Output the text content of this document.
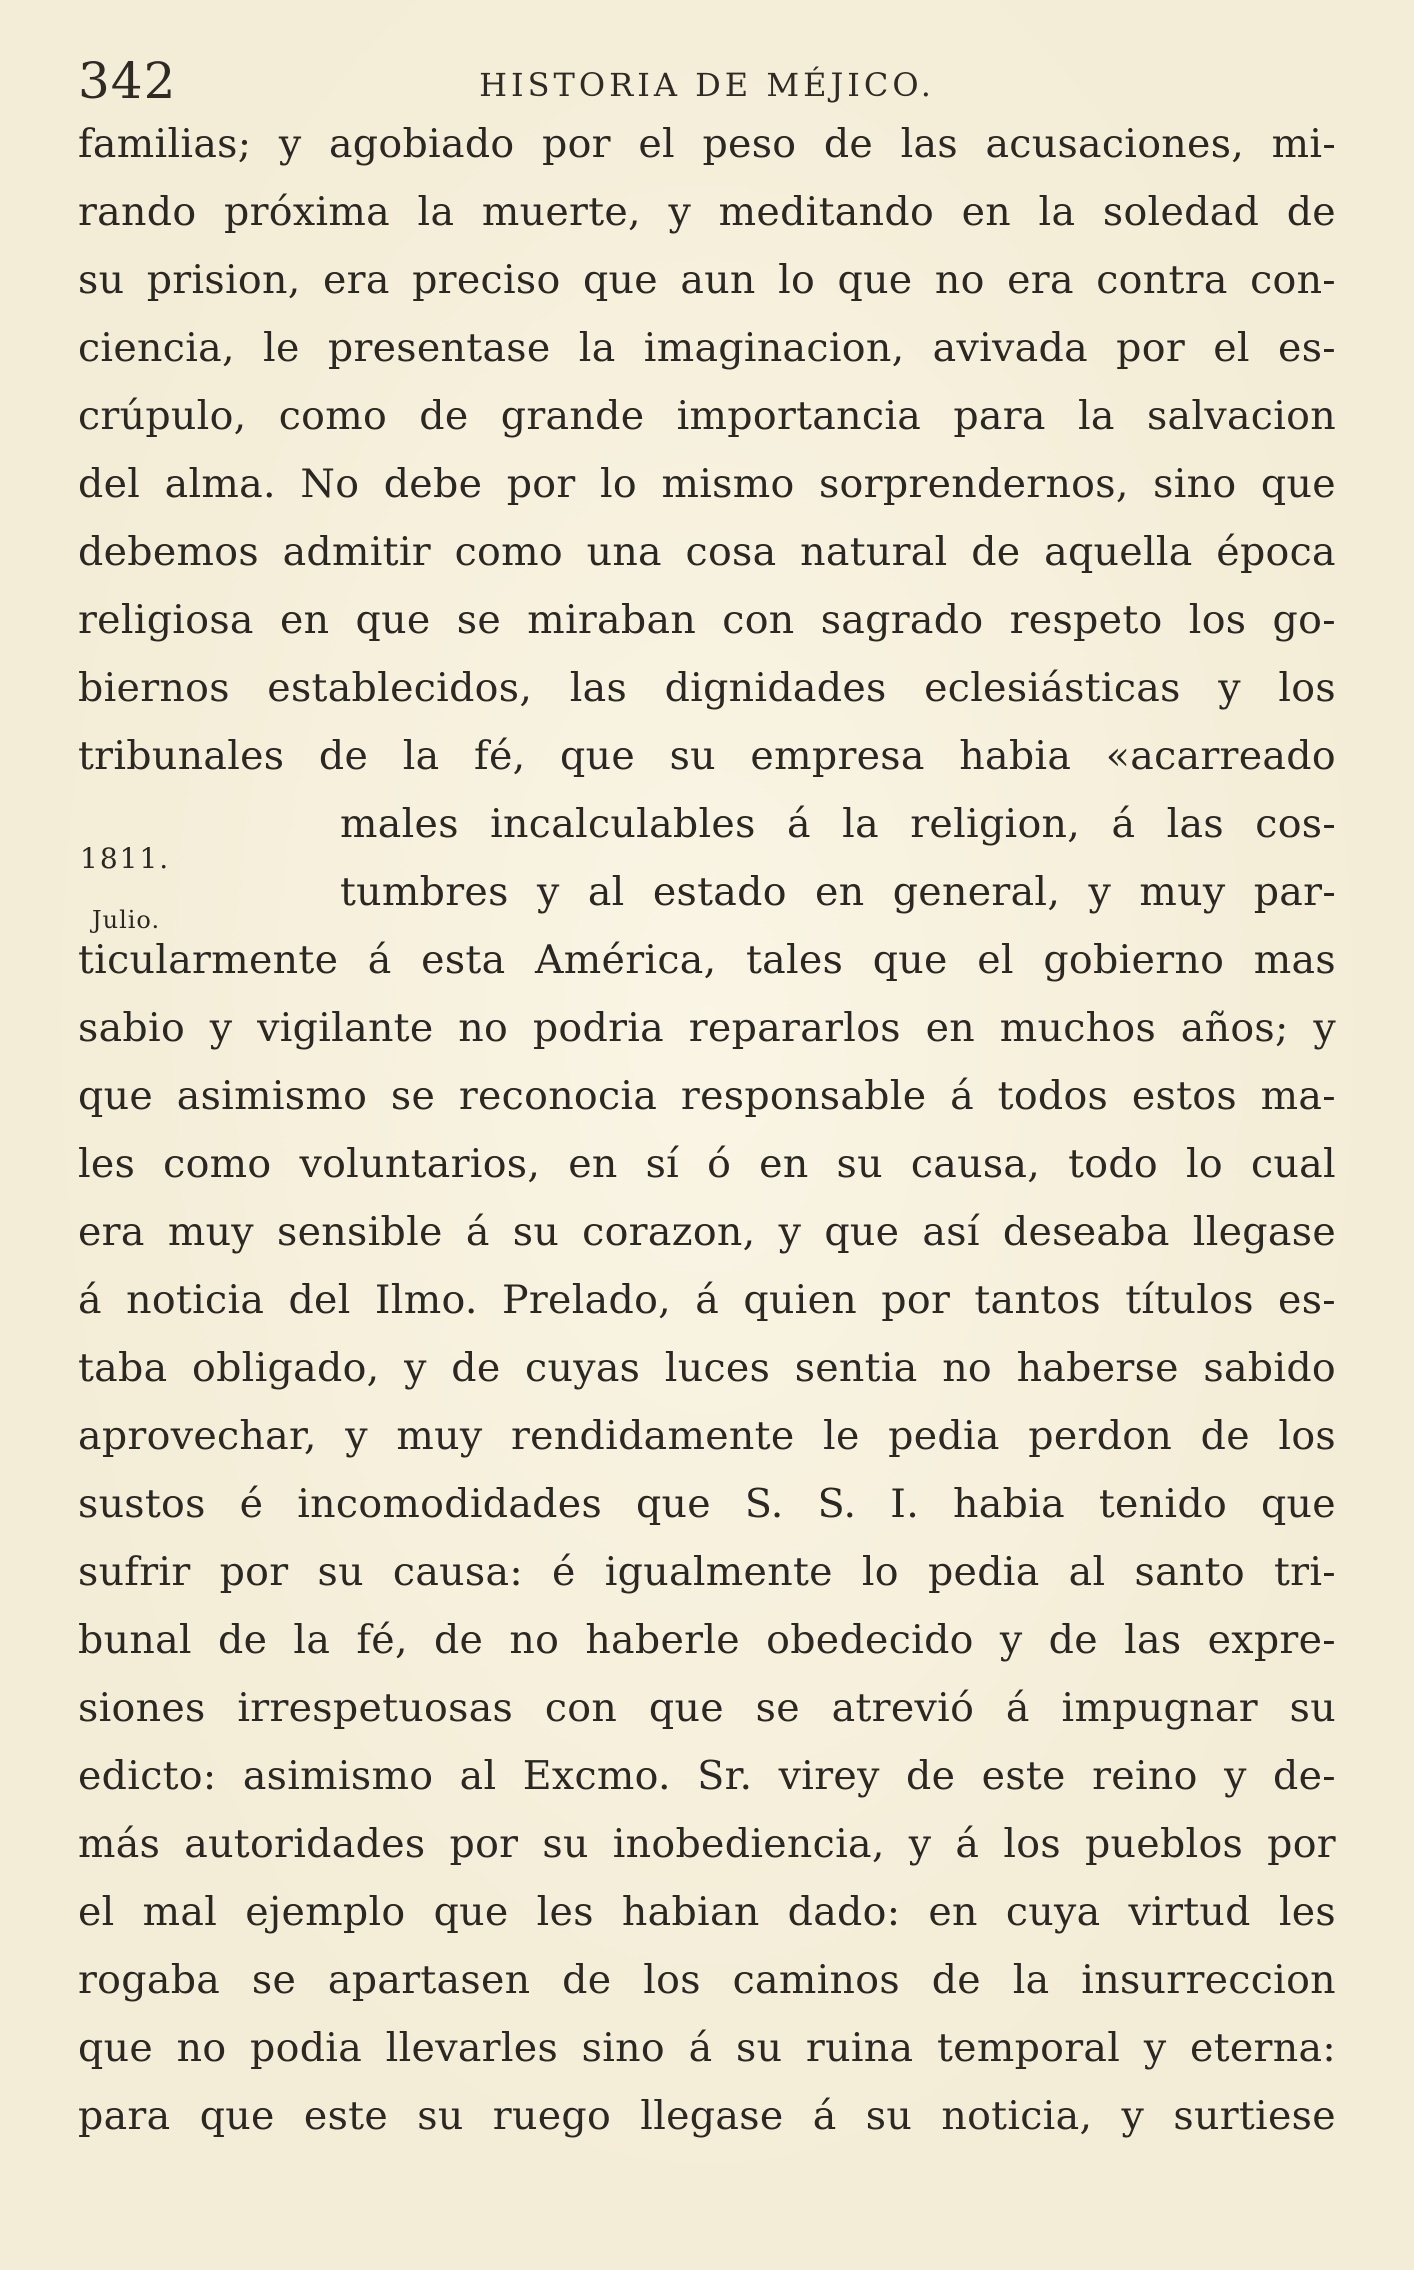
342	HISTORIA DE MÉJICO.
1811.
Julio.
familias; y agobiado por el peso de las acusaciones, mi-
rando próxima la muerte, y meditando en la soledad de
su prision, era preciso que aun lo que no era contra con-
ciencia, le presentase la imaginacion, avivada por el es-
crúpulo, como de grande importancia para la salvacion
del alma. No debe por lo mismo sorprendernos, sino que
debemos admitir como una cosa natural de aquella época
religiosa en que se miraban con sagrado respeto los go-
biernos establecidos, las dignidades eclesiásticas y los
tribunales de la fé, que su empresa habia «acarreado
males incalculables á la religion, á las cos-
tumbres y al estado en general, y muy par-
ticularmente á esta América, tales que el gobierno mas
sabio y vigilante no podria repararlos en muchos años; y
que asimismo se reconocia responsable á todos estos ma-
les como voluntarios, en sí ó en su causa, todo lo cual
era muy sensible á su corazon, y que así deseaba llegase
á noticia del Ilmo. Prelado, á quien por tantos títulos es-
taba obligado, y de cuyas luces sentia no haberse sabido
aprovechar, y muy rendidamente le pedia perdon de los
sustos é incomodidades que S. S. I. habia tenido que
sufrir por su causa: é igualmente lo pedia al santo tri-
bunal de la fé, de no haberle obedecido y de las expre-
siones irrespetuosas con que se atrevió á impugnar su
edicto: asimismo al Excmo. Sr. virey de este reino y de-
más autoridades por su inobediencia, y á los pueblos por
el mal ejemplo que les habian dado: en cuya virtud les
rogaba se apartasen de los caminos de la insurreccion
que no podia llevarles sino á su ruina temporal y eterna:
para que este su ruego llegase á su noticia, y surtiese
